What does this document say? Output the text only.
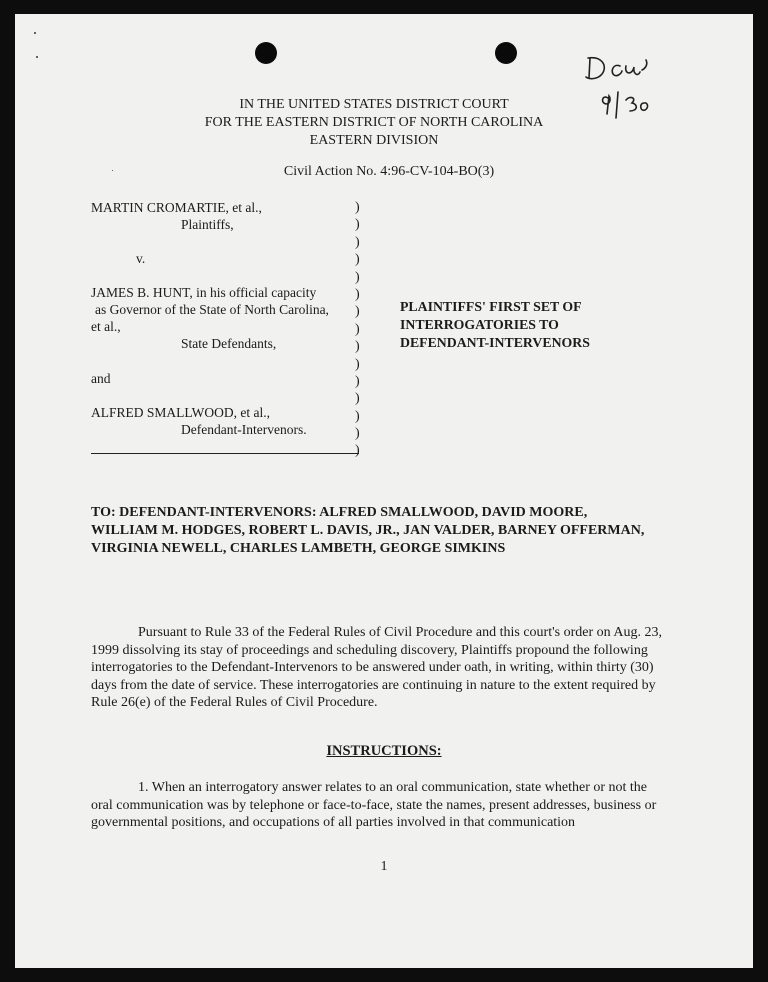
IN THE UNITED STATES DISTRICT COURT
FOR THE EASTERN DISTRICT OF NORTH CAROLINA
EASTERN DIVISION
Civil Action No. 4:96-CV-104-BO(3)
MARTIN CROMARTIE, et al.,
Plaintiffs,
v.
JAMES B. HUNT, in his official capacity
as Governor of the State of North Carolina,
et al.,
State Defendants,
and
ALFRED SMALLWOOD, et al.,
Defendant-Intervenors.
)
)
)
)
)
)
)
)
)
)
)
)
)
)
)
PLAINTIFFS' FIRST SET OF
INTERROGATORIES TO
DEFENDANT-INTERVENORS
TO: DEFENDANT-INTERVENORS: ALFRED SMALLWOOD, DAVID MOORE, WILLIAM M. HODGES, ROBERT L. DAVIS, JR., JAN VALDER, BARNEY OFFERMAN, VIRGINIA NEWELL, CHARLES LAMBETH, GEORGE SIMKINS
Pursuant to Rule 33 of the Federal Rules of Civil Procedure and this court's order on Aug. 23, 1999 dissolving its stay of proceedings and scheduling discovery, Plaintiffs propound the following interrogatories to the Defendant-Intervenors to be answered under oath, in writing, within thirty (30) days from the date of service. These interrogatories are continuing in nature to the extent required by Rule 26(e) of the Federal Rules of Civil Procedure.
INSTRUCTIONS:
1. When an interrogatory answer relates to an oral communication, state whether or not the oral communication was by telephone or face-to-face, state the names, present addresses, business or governmental positions, and occupations of all parties involved in that communication
1
